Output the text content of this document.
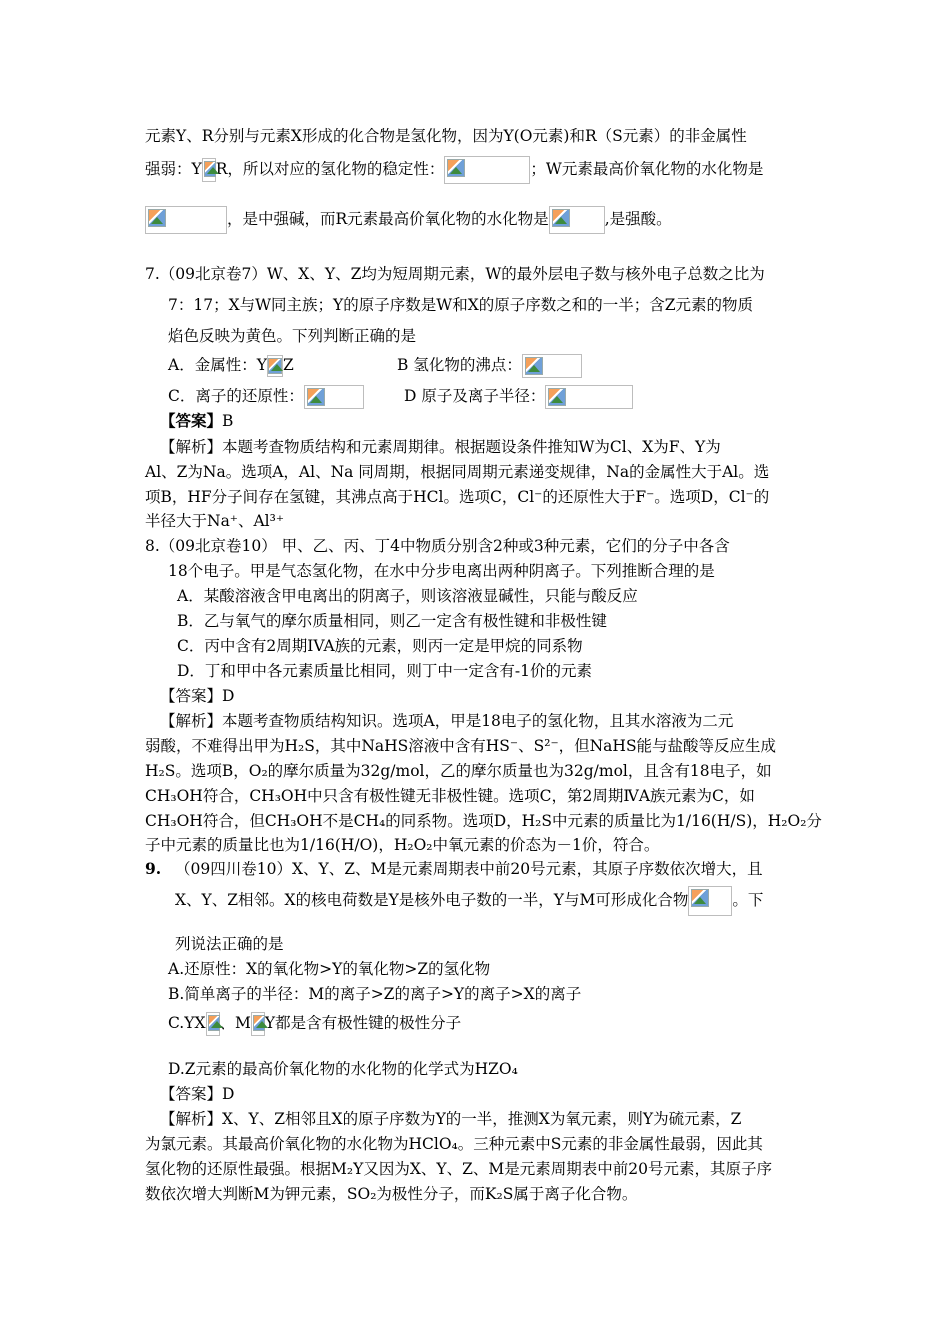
元素Y、R分别与元素X形成的化合物是氢化物，因为Y(O元素)和R（S元素）的非金属性
强弱：Y R，所以对应的氢化物的稳定性：	；W元素最高价氧化物的水化物是
，是中强碱，而R元素最高价氧化物的水化物是	,是强酸。
7.（09北京卷7）W、X、Y、Z均为短周期元素，W的最外层电子数与核外电子总数之比为
7：17；X与W同主族；Y的原子序数是W和X的原子序数之和的一半；含Z元素的物质
焰色反映为黄色。下列判断正确的是
A．金属性：Y Z	B 氢化物的沸点：
C．离子的还原性：	D 原子及离子半径：
【答案】B
【解析】本题考查物质结构和元素周期律。根据题设条件推知W为Cl、X为F、Y为
Al、Z为Na。选项A，Al、Na 同周期，根据同周期元素递变规律，Na的金属性大于Al。选
项B，HF分子间存在氢键，其沸点高于HCl。选项C，Cl⁻的还原性大于F⁻。选项D，Cl⁻的
半径大于Na⁺、Al³⁺
8.（09北京卷10） 甲、乙、丙、丁4中物质分别含2种或3种元素，它们的分子中各含
18个电子。甲是气态氢化物，在水中分步电离出两种阴离子。下列推断合理的是
A．某酸溶液含甲电离出的阴离子，则该溶液显碱性，只能与酸反应
B．乙与氧气的摩尔质量相同，则乙一定含有极性键和非极性键
C．丙中含有2周期IVA族的元素，则丙一定是甲烷的同系物
D．丁和甲中各元素质量比相同，则丁中一定含有-1价的元素
【答案】D
【解析】本题考查物质结构知识。选项A，甲是18电子的氢化物，且其水溶液为二元
弱酸，不难得出甲为H₂S，其中NaHS溶液中含有HS⁻、S²⁻，但NaHS能与盐酸等反应生成
H₂S。选项B，O₂的摩尔质量为32g/mol，乙的摩尔质量也为32g/mol，且含有18电子，如
CH₃OH符合，CH₃OH中只含有极性键无非极性键。选项C，第2周期ⅣA族元素为C，如
CH₃OH符合，但CH₃OH不是CH₄的同系物。选项D，H₂S中元素的质量比为1/16(H/S)，H₂O₂分
子中元素的质量比也为1/16(H/O)，H₂O₂中氧元素的价态为－1价，符合。
9. （09四川卷10）X、Y、Z、M是元素周期表中前20号元素，其原子序数依次增大，且
X、Y、Z相邻。X的核电荷数是Y是核外电子数的一半，Y与M可形成化合物	。下
列说法正确的是
A.还原性：X的氧化物>Y的氧化物>Z的氢化物
B.简单离子的半径：M的离子>Z的离子>Y的离子>X的离子
C.YX 、M Y都是含有极性键的极性分子
D.Z元素的最高价氧化物的水化物的化学式为HZO₄
【答案】D
【解析】X、Y、Z相邻且X的原子序数为Y的一半，推测X为氧元素，则Y为硫元素，Z
为氯元素。其最高价氧化物的水化物为HClO₄。三种元素中S元素的非金属性最弱，因此其
氢化物的还原性最强。根据M₂Y又因为X、Y、Z、M是元素周期表中前20号元素，其原子序
数依次增大判断M为钾元素，SO₂为极性分子，而K₂S属于离子化合物。
